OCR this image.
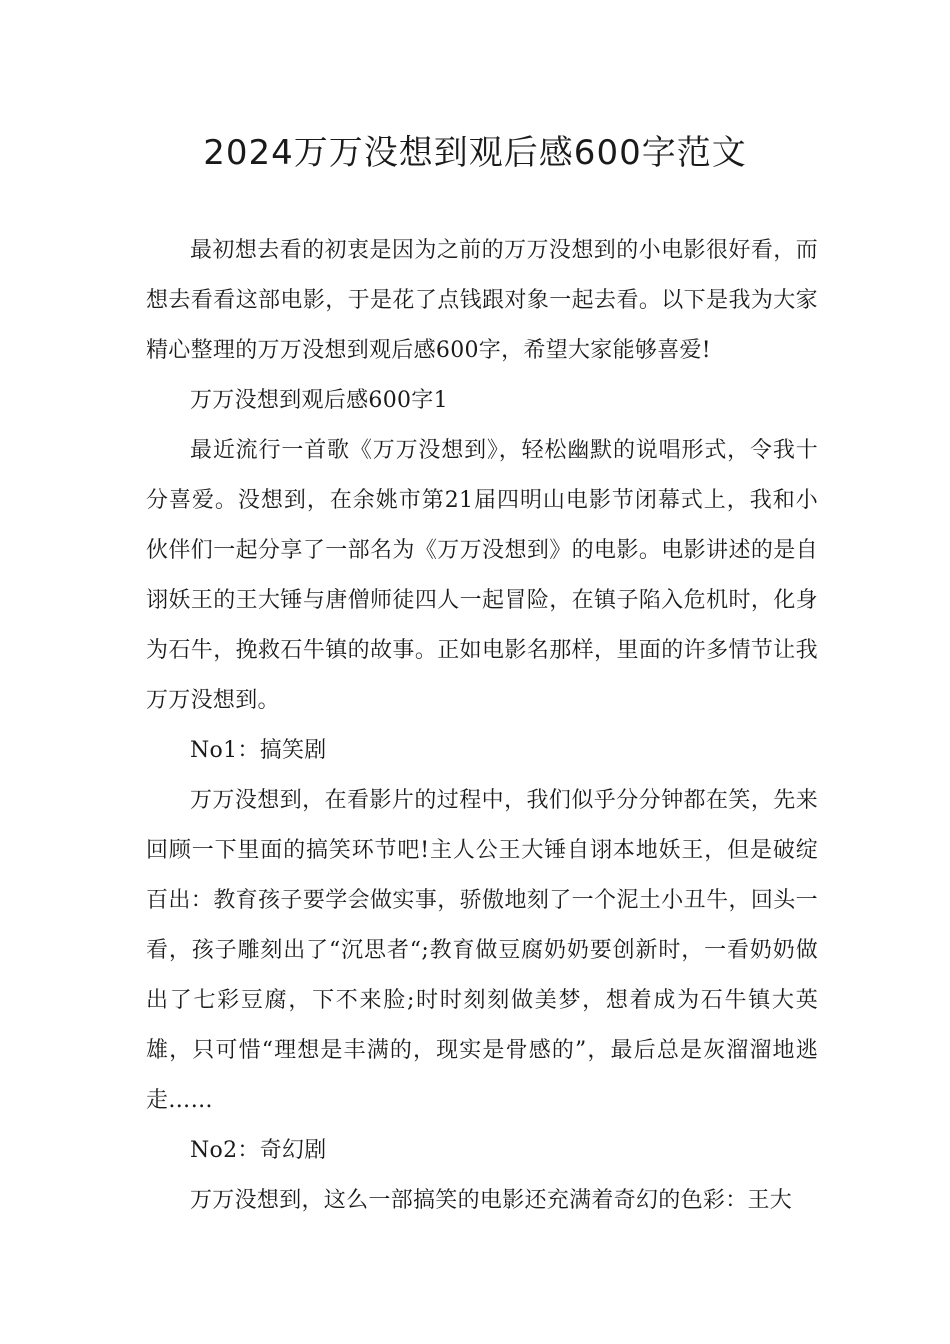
2024万万没想到观后感600字范文

最初想去看的初衷是因为之前的万万没想到的小电影很好看，而想去看看这部电影，于是花了点钱跟对象一起去看。以下是我为大家精心整理的万万没想到观后感600字，希望大家能够喜爱!

万万没想到观后感600字1

最近流行一首歌《万万没想到》，轻松幽默的说唱形式，令我十分喜爱。没想到，在余姚市第21届四明山电影节闭幕式上，我和小伙伴们一起分享了一部名为《万万没想到》的电影。电影讲述的是自诩妖王的王大锤与唐僧师徒四人一起冒险，在镇子陷入危机时，化身为石牛，挽救石牛镇的故事。正如电影名那样，里面的许多情节让我万万没想到。

No1：搞笑剧

万万没想到，在看影片的过程中，我们似乎分分钟都在笑，先来回顾一下里面的搞笑环节吧!主人公王大锤自诩本地妖王，但是破绽百出：教育孩子要学会做实事，骄傲地刻了一个泥土小丑牛，回头一看，孩子雕刻出了“沉思者“;教育做豆腐奶奶要创新时，一看奶奶做出了七彩豆腐，下不来脸;时时刻刻做美梦，想着成为石牛镇大英雄，只可惜“理想是丰满的，现实是骨感的”，最后总是灰溜溜地逃走……

No2：奇幻剧

万万没想到，这么一部搞笑的电影还充满着奇幻的色彩：王大
